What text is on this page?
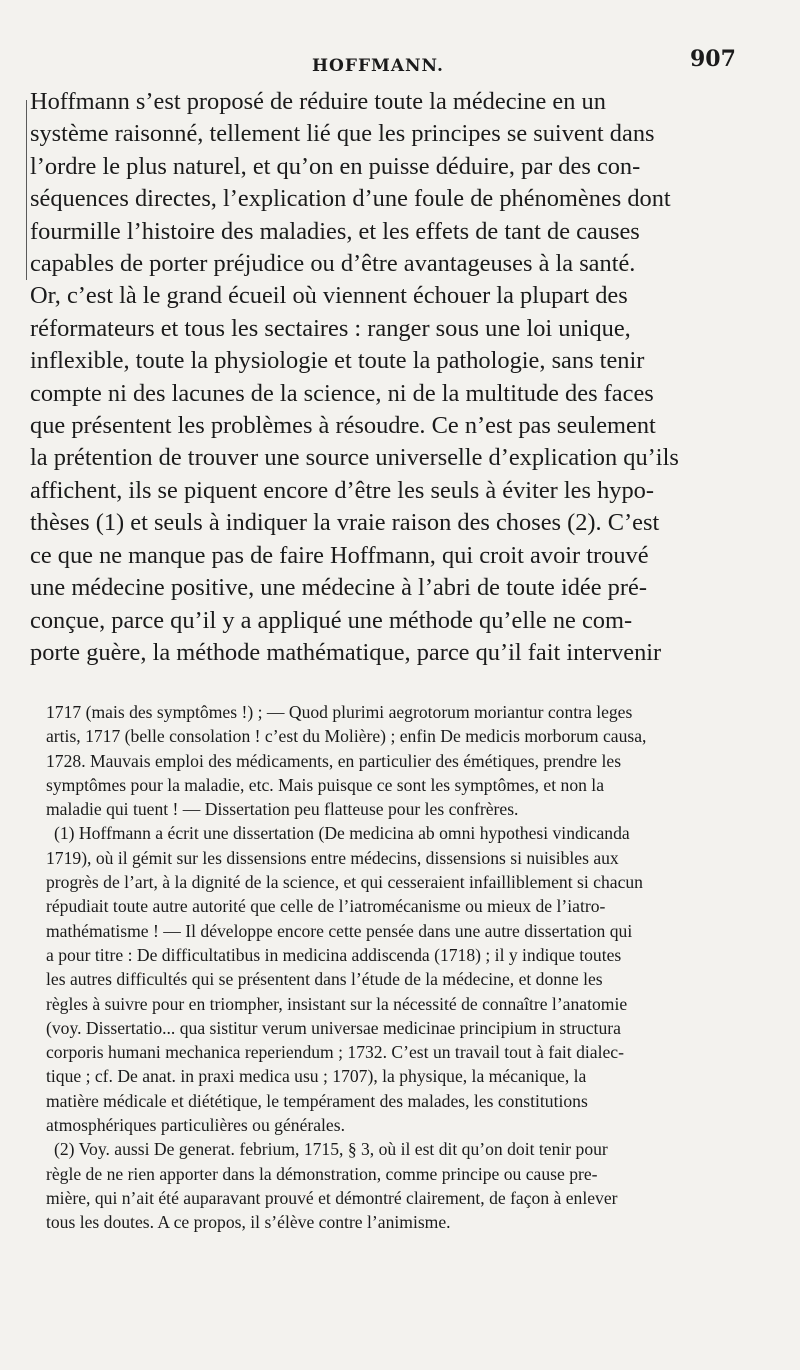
HOFFMANN.	907
Hoffmann s’est proposé de réduire toute la médecine en un
système raisonné, tellement lié que les principes se suivent dans
l’ordre le plus naturel, et qu’on en puisse déduire, par des con-
séquences directes, l’explication d’une foule de phénomènes dont
fourmille l’histoire des maladies, et les effets de tant de causes
capables de porter préjudice ou d’être avantageuses à la santé.
Or, c’est là le grand écueil où viennent échouer la plupart des
réformateurs et tous les sectaires : ranger sous une loi unique,
inflexible, toute la physiologie et toute la pathologie, sans tenir
compte ni des lacunes de la science, ni de la multitude des faces
que présentent les problèmes à résoudre. Ce n’est pas seulement
la prétention de trouver une source universelle d’explication qu’ils
affichent, ils se piquent encore d’être les seuls à éviter les hypo-
thèses (1) et seuls à indiquer la vraie raison des choses (2). C’est
ce que ne manque pas de faire Hoffmann, qui croit avoir trouvé
une médecine positive, une médecine à l’abri de toute idée pré-
conçue, parce qu’il y a appliqué une méthode qu’elle ne com-
porte guère, la méthode mathématique, parce qu’il fait intervenir
1717 (mais des symptômes !) ; — Quod plurimi aegrotorum moriantur contra leges
artis, 1717 (belle consolation ! c’est du Molière) ; enfin De medicis morborum causa,
1728. Mauvais emploi des médicaments, en particulier des émétiques, prendre les
symptômes pour la maladie, etc. Mais puisque ce sont les symptômes, et non la
maladie qui tuent ! — Dissertation peu flatteuse pour les confrères.
(1) Hoffmann a écrit une dissertation (De medicina ab omni hypothesi vindicanda
1719), où il gémit sur les dissensions entre médecins, dissensions si nuisibles aux
progrès de l’art, à la dignité de la science, et qui cesseraient infailliblement si chacun
répudiait toute autre autorité que celle de l’iatromécanisme ou mieux de l’iatro-
mathématisme ! — Il développe encore cette pensée dans une autre dissertation qui
a pour titre : De difficultatibus in medicina addiscenda (1718) ; il y indique toutes
les autres difficultés qui se présentent dans l’étude de la médecine, et donne les
règles à suivre pour en triompher, insistant sur la nécessité de connaître l’anatomie
(voy. Dissertatio... qua sistitur verum universae medicinae principium in structura
corporis humani mechanica reperiendum ; 1732. C’est un travail tout à fait dialec-
tique ; cf. De anat. in praxi medica usu ; 1707), la physique, la mécanique, la
matière médicale et diététique, le tempérament des malades, les constitutions
atmosphériques particulières ou générales.
(2) Voy. aussi De generat. febrium, 1715, § 3, où il est dit qu’on doit tenir pour
règle de ne rien apporter dans la démonstration, comme principe ou cause pre-
mière, qui n’ait été auparavant prouvé et démontré clairement, de façon à enlever
tous les doutes. A ce propos, il s’élève contre l’animisme.
